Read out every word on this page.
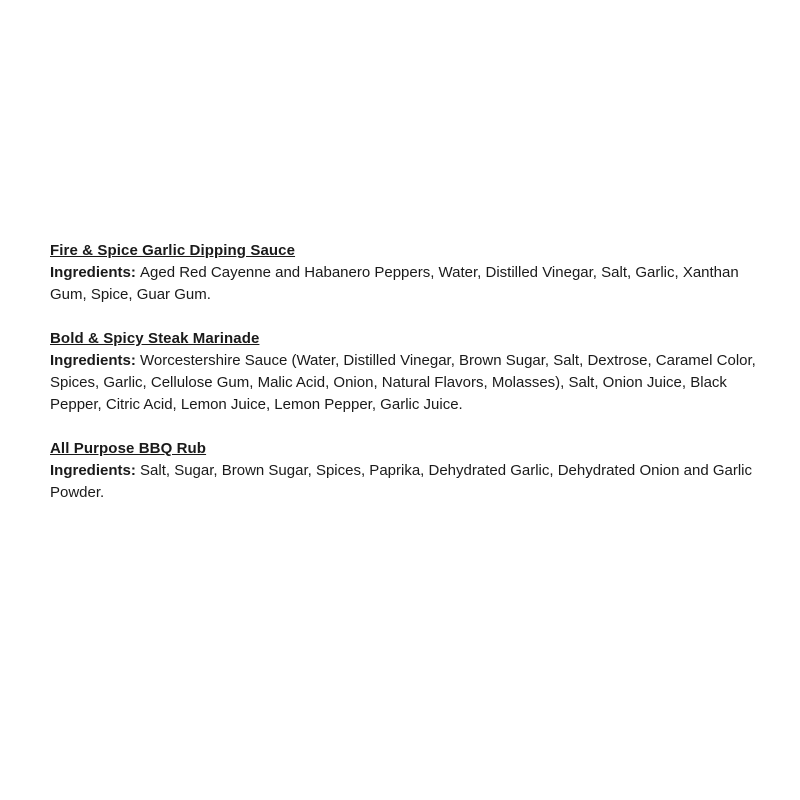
Fire & Spice Garlic Dipping Sauce
Ingredients: Aged Red Cayenne and Habanero Peppers, Water, Distilled Vinegar, Salt, Garlic, Xanthan Gum, Spice, Guar Gum.
Bold & Spicy Steak Marinade
Ingredients: Worcestershire Sauce (Water, Distilled Vinegar, Brown Sugar, Salt, Dextrose, Caramel Color, Spices, Garlic, Cellulose Gum, Malic Acid, Onion, Natural Flavors, Molasses), Salt, Onion Juice, Black Pepper, Citric Acid, Lemon Juice, Lemon Pepper, Garlic Juice.
All Purpose BBQ Rub
Ingredients: Salt, Sugar, Brown Sugar, Spices, Paprika, Dehydrated Garlic, Dehydrated Onion and Garlic Powder.
